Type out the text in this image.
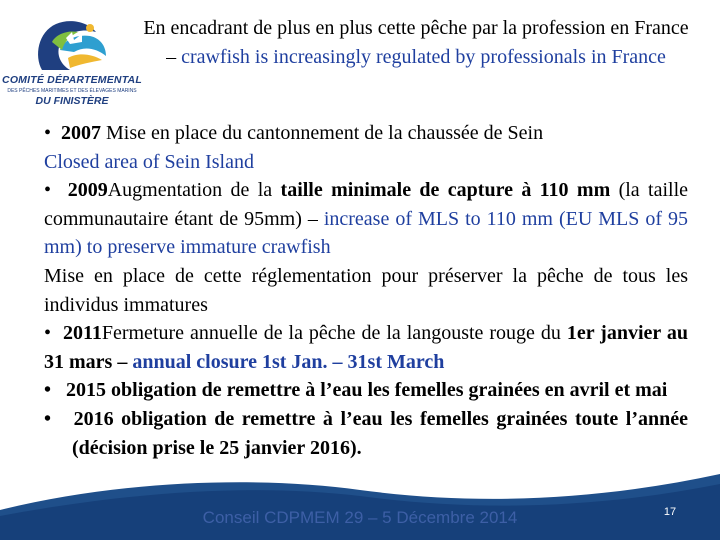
COMITÉ DÉPARTEMENTAL
DES PÊCHES MARITIMES ET DES ÉLEVAGES MARINS
DU FINISTÈRE
En encadrant de plus en plus cette pêche par la profession en France – crawfish is increasingly regulated by professionals in France

• 2007 Mise en place du cantonnement de la chaussée de Sein

Closed area of Sein Island

• 2009Augmentation de la taille minimale de capture à 110 mm (la taille communautaire étant de 95mm) – increase of MLS to 110 mm (EU MLS of 95 mm) to preserve immature crawfish

Mise en place de cette réglementation pour préserver la pêche de tous les individus immatures

• 2011Fermeture annuelle de la pêche de la langouste rouge du 1er janvier au 31 mars – annual closure 1st Jan. – 31st March

• 2015 obligation de remettre à l’eau les femelles grainées en avril et mai

• 2016 obligation de remettre à l’eau les femelles grainées toute l’année (décision prise le 25 janvier 2016).

Conseil CDPMEM 29 – 5 Décembre 2014	17
